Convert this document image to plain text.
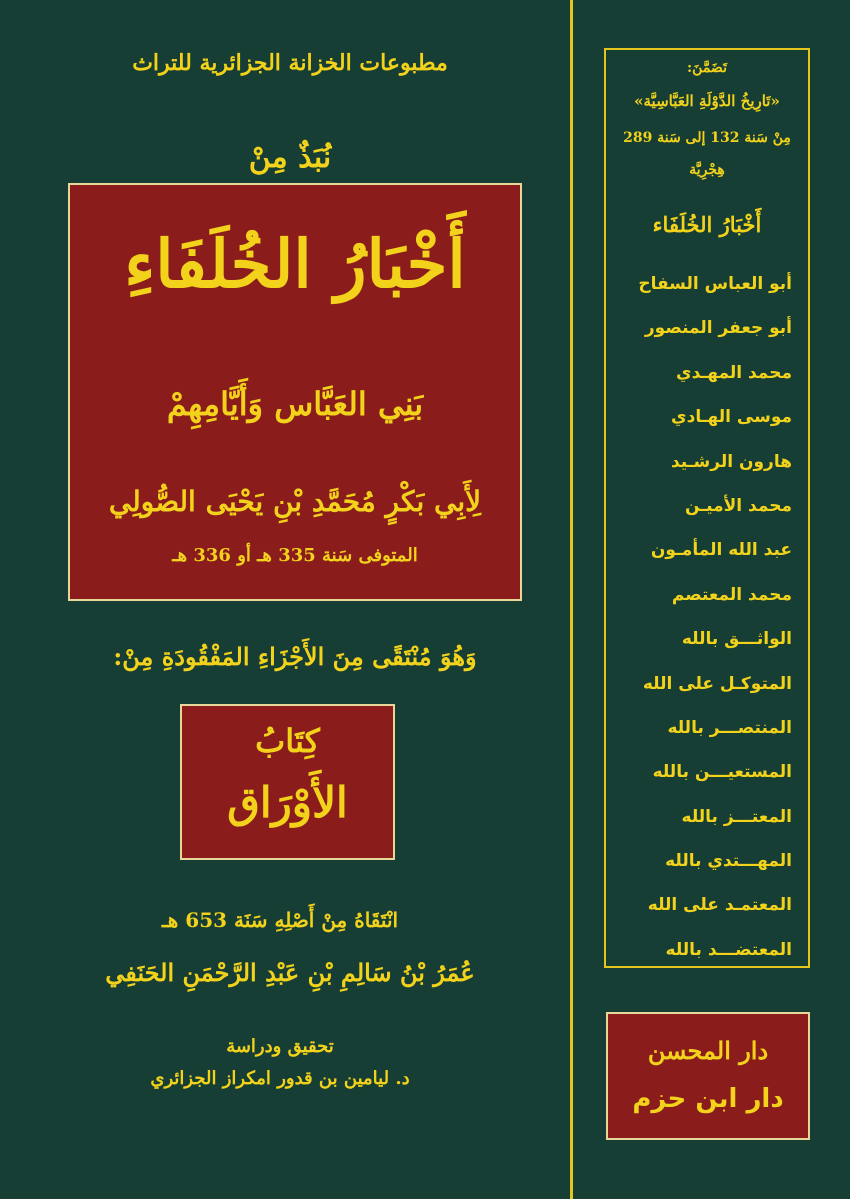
مطبوعات الخزانة الجزائرية للتراث
نُبَذٌ مِنْ
أَخْبَارُ الخُلَفَاءِ
بَنِي العَبَّاس وَأَيَّامِهِمْ
لِأَبِي بَكْرٍ مُحَمَّدِ بْنِ يَحْيَى الصُّولِي
المتوفى سَنة 335 هـ أو 336 هـ
وَهُوَ مُنْتَقًى مِنَ الأَجْزَاءِ المَفْقُودَةِ مِنْ:
كِتَابُ
الأَوْرَاق
انْتَقَاهُ مِنْ أَصْلِهِ سَنَة 653 هـ
عُمَرُ بْنُ سَالِمِ بْنِ عَبْدِ الرَّحْمَنِ الحَنَفِي
تحقيق ودراسة
د. ليامين بن قدور امكراز الجزائري
تَضَمَّنَ:
«تَارِيخُ الدَّوْلَةِ العَبَّاسِيَّة»
مِنْ سَنة 132 إلى سَنة 289
هِجْرِيَّة
أَخْبَارُ الخُلَفَاء
أبو العباس السفاح
أبو جعفر المنصور
محمد المهـدي
موسى الهـادي
هارون الرشـيد
محمد الأميـن
عبد الله المأمـون
محمد المعتصم
الواثـــق بالله
المتوكـل على الله
المنتصـــر بالله
المستعيـــن بالله
المعتـــز بالله
المهـــتدي بالله
المعتمـد على الله
المعتضـــد بالله
دار المحسن
دار ابن حزم
